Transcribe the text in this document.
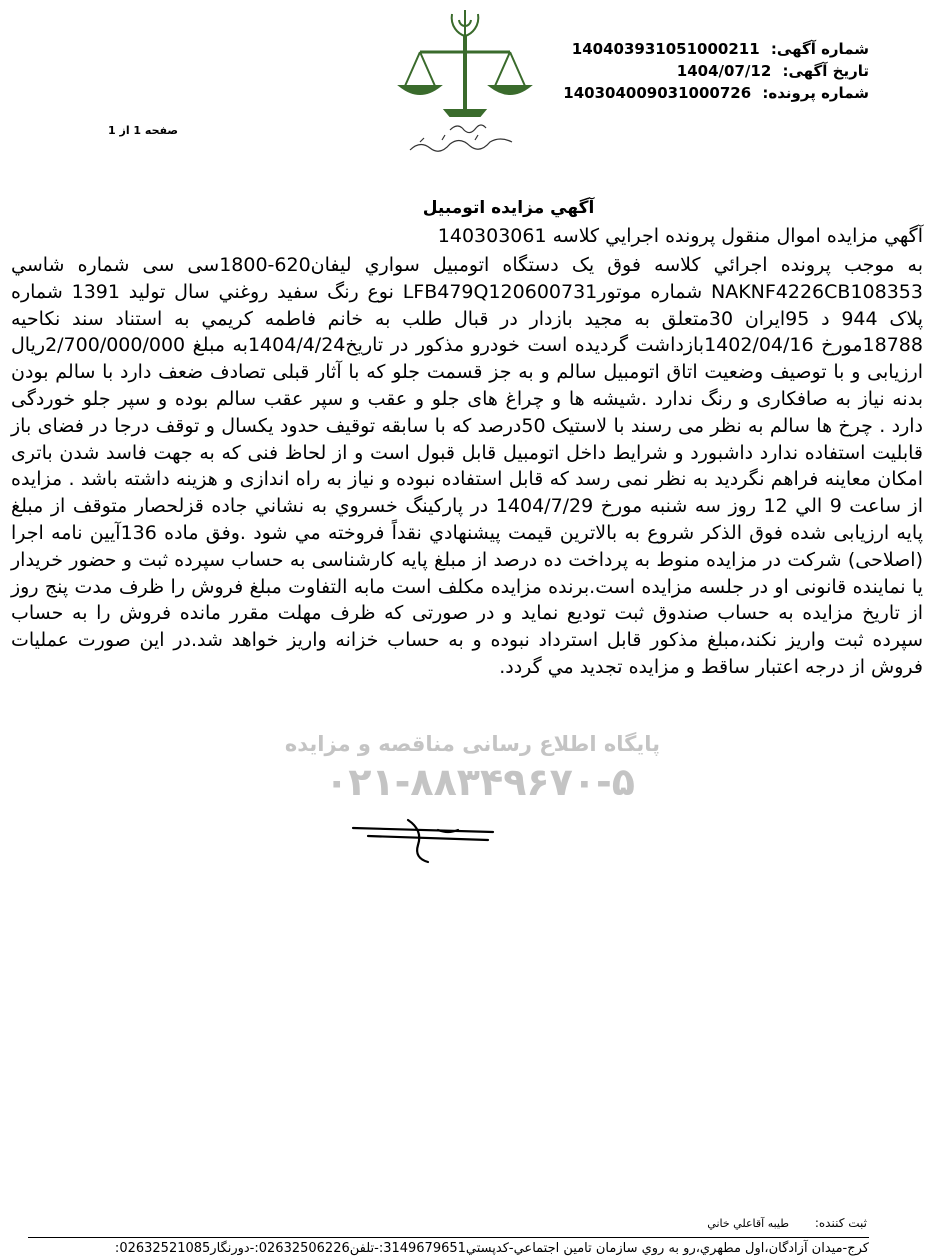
شماره آگهی: 14040393105100021​1
تاریخ آگهی: 1404/07/12
شماره پرونده: 14030400903100072​6
صفحه 1 از 1
آگهي مزايده اتومبيل
آگهي مزايده اموال منقول پرونده اجرايي كلاسه 140303061
به موجب پرونده اجرائي كلاسه فوق يک دستگاه اتومبيل سواري ليفان620-1800سی سی شماره شاسي NAKNF4226CB108353 شماره موتورLFB479Q120600731 نوع رنگ سفيد روغني سال توليد 1391 شماره پلاک 944 د 95ايران 30متعلق به مجيد بازدار در قبال طلب به خانم فاطمه كريمي به استناد سند نكاحيه 18788مورخ 1402/04/16بازداشت گرديده است خودرو مذكور در تاريخ1404/4/24به مبلغ 2/700/000/000ريال ارزيابی و با توصيف وضعيت اتاق اتومبيل سالم و به جز قسمت جلو كه با آثار قبلی تصادف ضعف دارد با سالم بودن بدنه نياز به صافكاری و رنگ ندارد .شيشه ها و چراغ های جلو و عقب و سپر عقب سالم بوده و سپر جلو خوردگی دارد . چرخ ها سالم به نظر می رسند با لاستيک 50درصد كه با سابقه توقيف حدود يكسال و توقف درجا در فضای باز قابليت استفاده ندارد داشبورد و شرايط داخل اتومبيل قابل قبول است و از لحاظ فنی كه به جهت فاسد شدن باتری امكان معاينه فراهم نگرديد به نظر نمی رسد كه قابل استفاده نبوده و نياز به راه اندازی و هزينه داشته باشد . مزايده از ساعت 9 الي 12 روز سه شنبه مورخ 1404/7/29 در پاركينگ خسروي به نشاني جاده قزلحصار متوقف از مبلغ پايه ارزيابی شده فوق الذكر شروع به بالاترين قيمت پيشنهادي نقداً فروخته مي شود .وفق ماده 136آيين نامه اجرا (اصلاحی) شركت در مزايده منوط به پرداخت ده درصد از مبلغ پايه كارشناسی به حساب سپرده ثبت و حضور خريدار يا نماينده قانونی او در جلسه مزايده است.برنده مزايده مكلف است مابه التفاوت مبلغ فروش را ظرف مدت پنج روز از تاريخ مزايده به حساب صندوق ثبت توديع نمايد و در صورتی كه ظرف مهلت مقرر مانده فروش را به حساب سپرده ثبت واريز نكند،مبلغ مذكور قابل استرداد نبوده و به حساب خزانه واريز خواهد شد.در اين صورت عمليات فروش از درجه اعتبار ساقط و مزايده تجديد مي گردد.
پایگاه اطلاع رسانی مناقصه و مزایده
۰۲۱-۸۸۳۴۹۶۷۰-۵
ثبت كننده: طيبه آقاعلي خاني
كرج-ميدان آزادگان،اول مطهري،رو به روي سازمان تامين اجتماعي-كدپستي3149679651:-تلفن02632506226:-دورنگار02632521085:
